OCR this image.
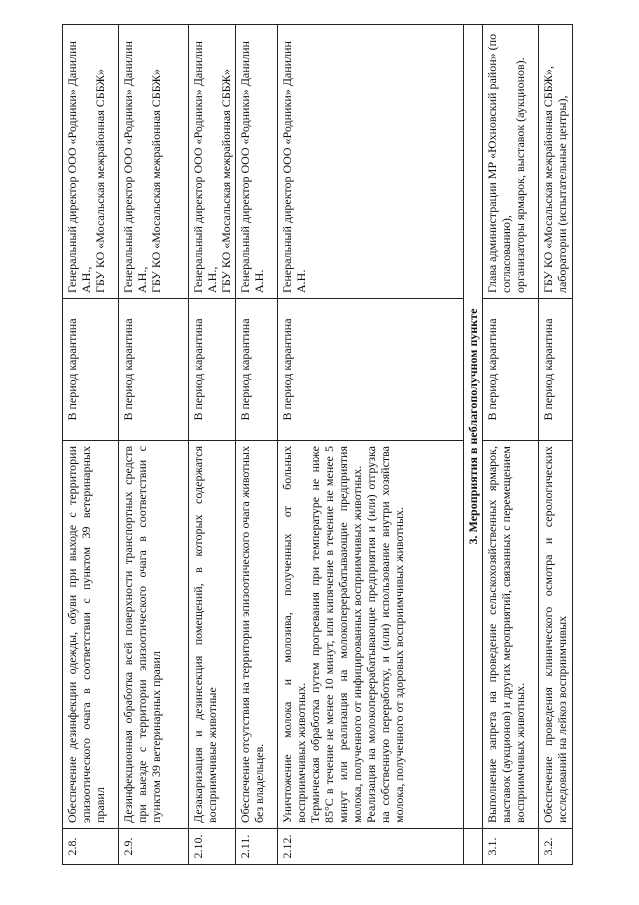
2.8.	Обеспечение дезинфекции одежды, обуви при выходе с территории эпизоотического очага в соответствии с пунктом 39 ветеринарных правил	В период карантина	Генеральный директор ООО «Родники» Данилин А.Н., ГБУ КО «Мосальская межрайонная СББЖ»

2.9.	Дезинфекционная обработка всей поверхности транспортных средств при выезде с территории эпизоотического очага в соответствии с пунктом 39 ветеринарных правил	В период карантина	Генеральный директор ООО «Родники» Данилин А.Н., ГБУ КО «Мосальская межрайонная СББЖ»

2.10.	Дезакаризация и дезинсекция помещений, в которых содержатся восприимчивые животные	В период карантина	Генеральный директор ООО «Родники» Данилин А.Н., ГБУ КО «Мосальская межрайонная СББЖ»

2.11.	Обеспечение отсутствия на территории эпизоотического очага животных без владельцев.	В период карантина	Генеральный директор ООО «Родники» Данилин А.Н.

2.12.	Уничтожение молока и молозива, полученных от больных восприимчивых животных. Термическая обработка путем прогревания при температуре не ниже 85°С в течение не менее 10 минут, или кипячение в течение не менее 5 минут или реализация на молокоперерабатывающие предприятия молока, полученного от инфицированных восприимчивых животных. Реализация на молокоперерабатывающие предприятия и (или) отгрузка на собственную переработку, и (или) использование внутри хозяйства молока, полученного от здоровых восприимчивых животных.	В период карантина	Генеральный директор ООО «Родники» Данилин А.Н.

	3. Мероприятия в неблагополучном пункте		
3.1.	Выполнение запрета на проведение сельскохозяйственных ярмарок, выставок (аукционов) и других мероприятий, связанных с перемещением восприимчивых животных.	В период карантина	Глава администрации МР «Юхновский район» (по согласованию), организаторы ярмарок, выставок (аукционов).

3.2.	Обеспечение проведения клинического осмотра и серологических исследований на лейкоз восприимчивых	В период карантина	ГБУ КО «Мосальская межрайонная СББЖ», лаборатории (испытательные центры),
